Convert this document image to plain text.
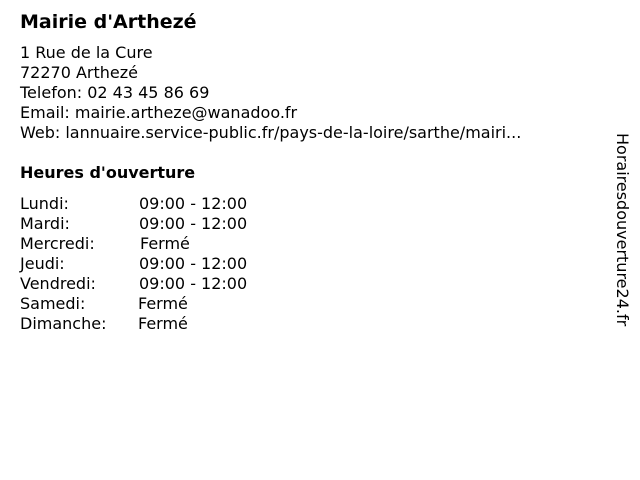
Mairie d'Arthezé
1 Rue de la Cure
72270 Arthezé
Telefon: 02 43 45 86 69
Email: mairie.artheze@wanadoo.fr
Web: lannuaire.service-public.fr/pays-de-la-loire/sarthe/mairi...
Heures d'ouverture
Lundi:	09:00 - 12:00
Mardi:	09:00 - 12:00
Mercredi:	Fermé
Jeudi:	09:00 - 12:00
Vendredi:	09:00 - 12:00
Samedi:	Fermé
Dimanche: Fermé	Horairesdouverture24.fr
